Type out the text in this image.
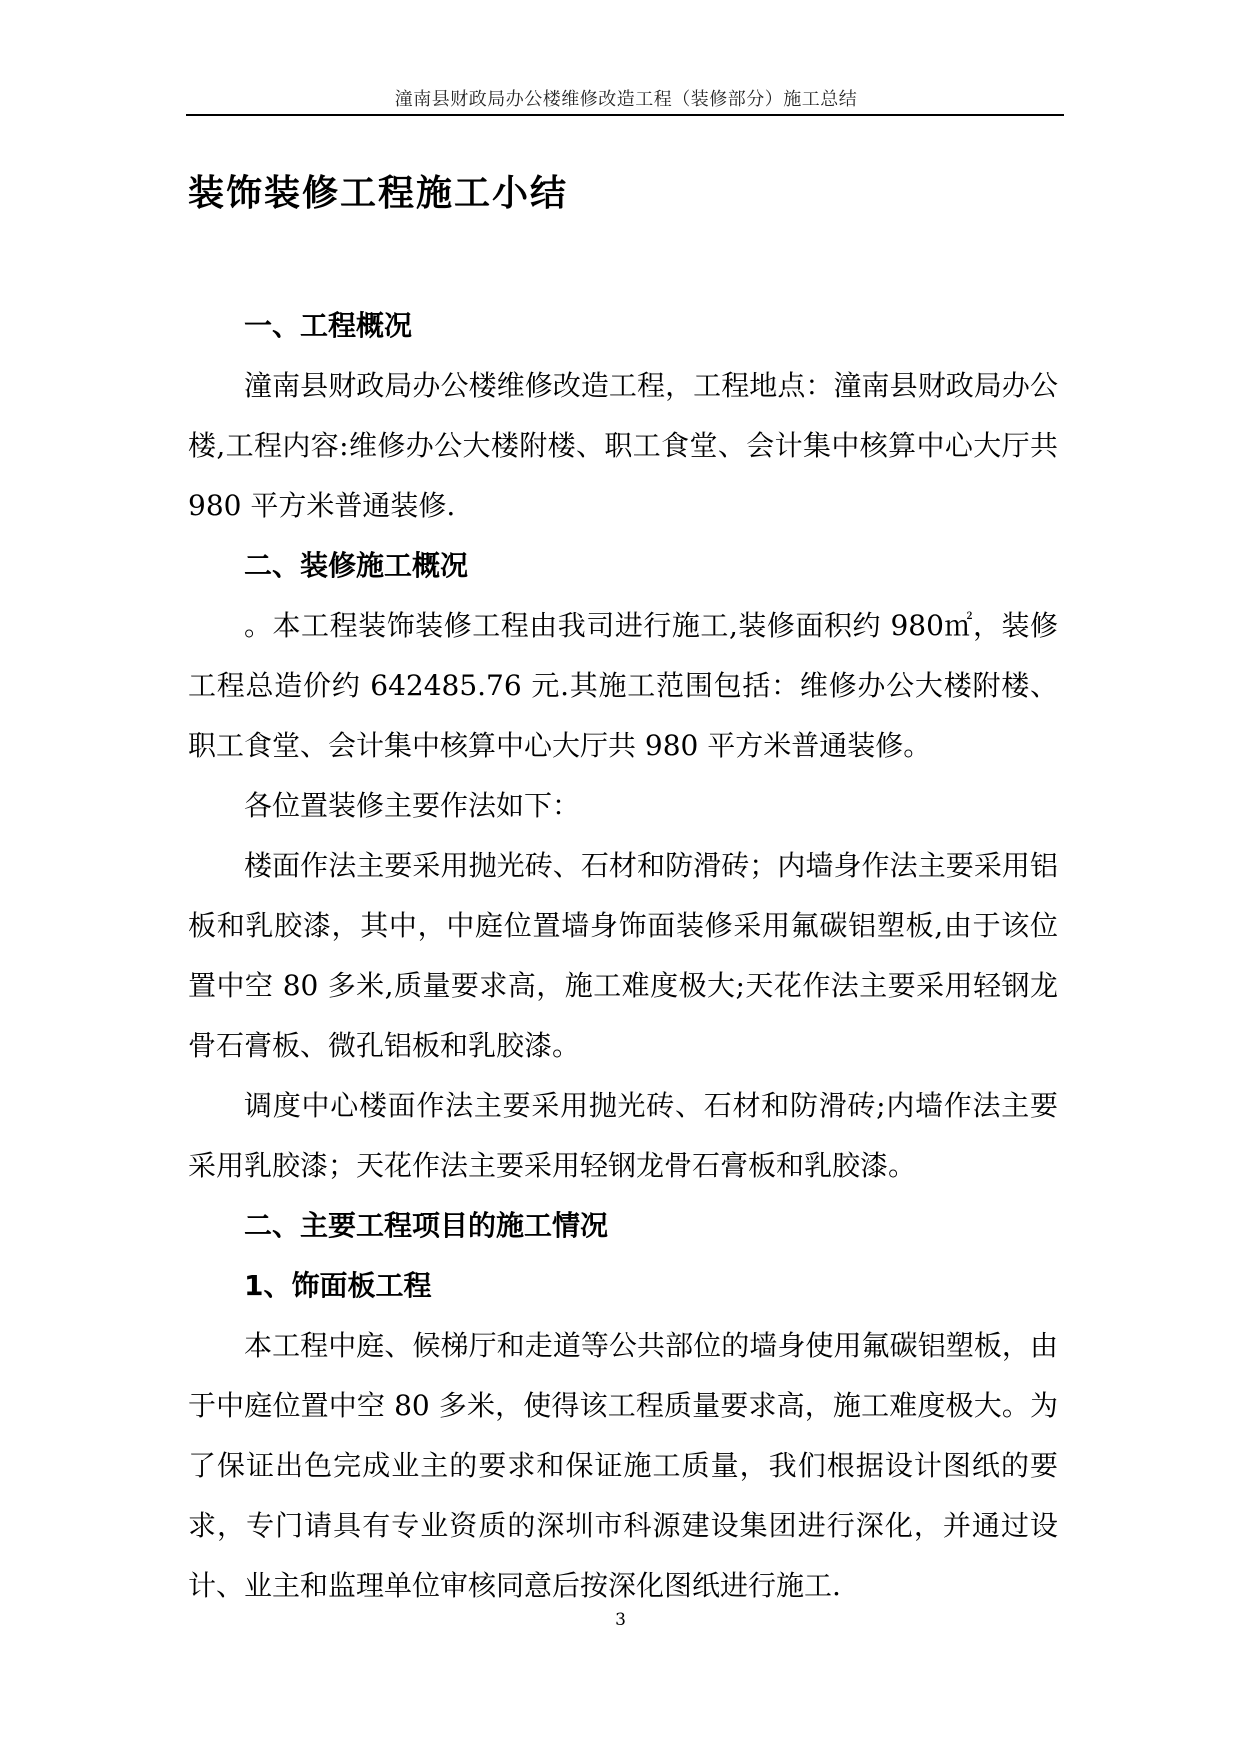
潼南县财政局办公楼维修改造工程（装修部分）施工总结
装饰装修工程施工小结
一、工程概况

潼南县财政局办公楼维修改造工程，工程地点：潼南县财政局办公楼,工程内容:维修办公大楼附楼、职工食堂、会计集中核算中心大厅共 980 平方米普通装修.

二、装修施工概况

。本工程装饰装修工程由我司进行施工,装修面积约 980㎡，装修工程总造价约 642485.76 元.其施工范围包括：维修办公大楼附楼、职工食堂、会计集中核算中心大厅共 980 平方米普通装修。

各位置装修主要作法如下：

楼面作法主要采用抛光砖、石材和防滑砖；内墙身作法主要采用铝板和乳胶漆，其中，中庭位置墙身饰面装修采用氟碳铝塑板,由于该位置中空 80 多米,质量要求高，施工难度极大;天花作法主要采用轻钢龙骨石膏板、微孔铝板和乳胶漆。

调度中心楼面作法主要采用抛光砖、石材和防滑砖;内墙作法主要采用乳胶漆；天花作法主要采用轻钢龙骨石膏板和乳胶漆。

二、主要工程项目的施工情况
1、饰面板工程

本工程中庭、候梯厅和走道等公共部位的墙身使用氟碳铝塑板，由于中庭位置中空 80 多米，使得该工程质量要求高，施工难度极大。为了保证出色完成业主的要求和保证施工质量，我们根据设计图纸的要求，专门请具有专业资质的深圳市科源建设集团进行深化，并通过设计、业主和监理单位审核同意后按深化图纸进行施工.

3
